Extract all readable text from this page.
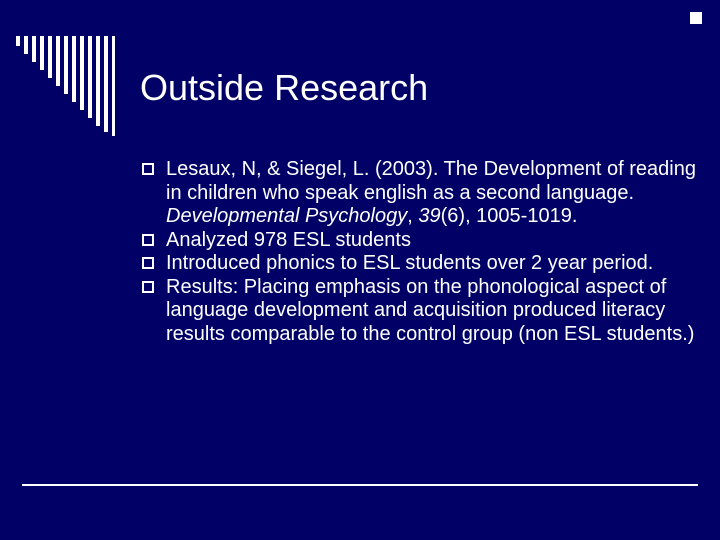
Outside Research
Lesaux, N, & Siegel, L. (2003). The Development of reading in children who speak english as a second language. Developmental Psychology, 39(6), 1005-1019.
Analyzed 978 ESL students
Introduced phonics to ESL students over 2 year period.
Results: Placing emphasis on the phonological aspect of language development and acquisition produced literacy results comparable to the control group (non ESL students.)
